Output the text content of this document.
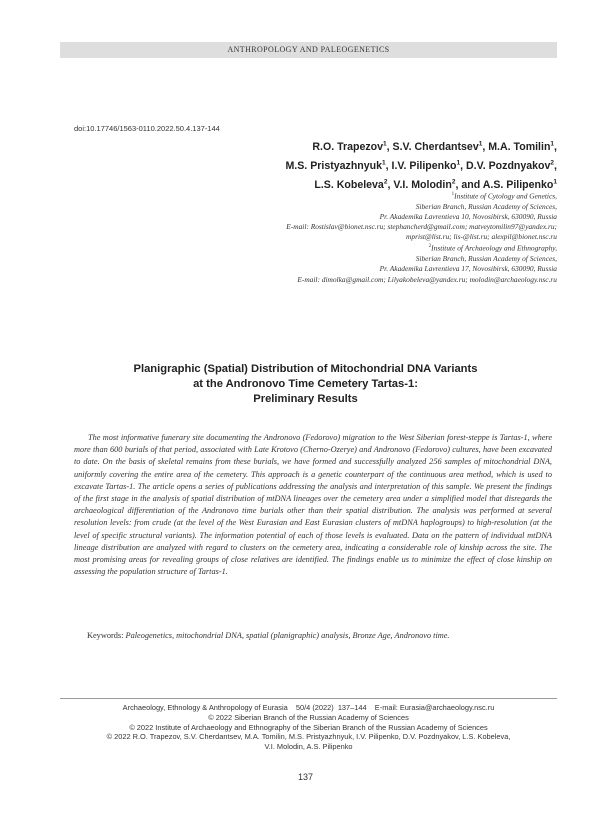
ANTHROPOLOGY AND PALEOGENETICS
doi:10.17746/1563-0110.2022.50.4.137-144
R.O. Trapezov$^1$, S.V. Cherdantsev$^1$, M.A. Tomilin$^1$,
M.S. Pristyazhnyuk$^1$, I.V. Pilipenko$^1$, D.V. Pozdnyakov$^2$,
L.S. Kobeleva$^2$, V.I. Molodin$^2$, and A.S. Pilipenko$^1$
$^1$Institute of Cytology and Genetics,
Siberian Branch, Russian Academy of Sciences,
Pr. Akademika Lavrentieva 10, Novosibirsk, 630090, Russia
E-mail: Rostislav@bionet.nsc.ru; stephancherd@gmail.com; matveytomilin97@yandex.ru;
mprist@list.ru; lis-@list.ru; alexpil@bionet.nsc.ru
$^2$Institute of Archaeology and Ethnography,
Siberian Branch, Russian Academy of Sciences,
Pr. Akademika Lavrentieva 17, Novosibirsk, 630090, Russia
E-mail: dimolka@gmail.com; Lilyakobeleva@yandex.ru; molodin@archaeology.nsc.ru
Planigraphic (Spatial) Distribution of Mitochondrial DNA Variants
at the Andronovo Time Cemetery Tartas-1:
Preliminary Results
The most informative funerary site documenting the Andronovo (Fedorovo) migration to the West Siberian forest-steppe is Tartas-1, where more than 600 burials of that period, associated with Late Krotovo (Cherno-Ozerye) and Andronovo (Fedorovo) cultures, have been excavated to date. On the basis of skeletal remains from these burials, we have formed and successfully analyzed 256 samples of mitochondrial DNA, uniformly covering the entire area of the cemetery. This approach is a genetic counterpart of the continuous area method, which is used to excavate Tartas-1. The article opens a series of publications addressing the analysis and interpretation of this sample. We present the findings of the first stage in the analysis of spatial distribution of mtDNA lineages over the cemetery area under a simplified model that disregards the archaeological differentiation of the Andronovo time burials other than their spatial distribution. The analysis was performed at several resolution levels: from crude (at the level of the West Eurasian and East Eurasian clusters of mtDNA haplogroups) to high-resolution (at the level of specific structural variants). The information potential of each of those levels is evaluated. Data on the pattern of individual mtDNA lineage distribution are analyzed with regard to clusters on the cemetery area, indicating a considerable role of kinship across the site. The most promising areas for revealing groups of close relatives are identified. The findings enable us to minimize the effect of close kinship on assessing the population structure of Tartas-1.
Keywords: Paleogenetics, mitochondrial DNA, spatial (planigraphic) analysis, Bronze Age, Andronovo time.
Archaeology, Ethnology & Anthropology of Eurasia    50/4 (2022)  137–144    E-mail: Eurasia@archaeology.nsc.ru
© 2022 Siberian Branch of the Russian Academy of Sciences
© 2022 Institute of Archaeology and Ethnography of the Siberian Branch of the Russian Academy of Sciences
© 2022 R.O. Trapezov, S.V. Cherdantsev, M.A. Tomilin, M.S. Pristyazhnyuk, I.V. Pilipenko, D.V. Pozdnyakov, L.S. Kobeleva,
V.I. Molodin, A.S. Pilipenko
137
